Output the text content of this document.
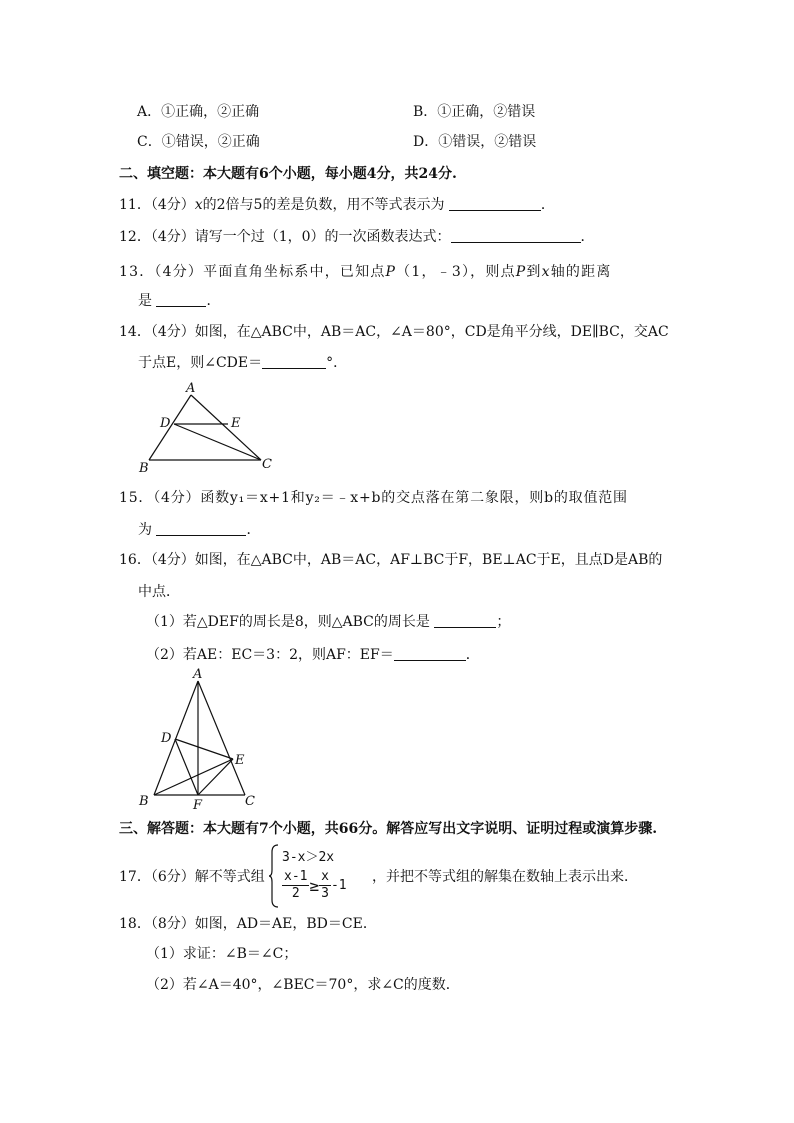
A．①正确，②正确	B．①正确，②错误
C．①错误，②正确	D．①错误，②错误
二、填空题：本大题有6个小题，每小题4分，共24分.
11．（4分）x的2倍与5的差是负数，用不等式表示为	．
12．（4分）请写一个过（1，0）的一次函数表达式：	．
13．（4分）平面直角坐标系中，已知点P（1，﹣3），则点P到x轴的距离
是	．
14．（4分）如图，在△ABC中，AB＝AC，∠A＝80°，CD是角平分线，DE∥BC，交AC
于点E，则∠CDE＝	°．
A
D	E
B	C
15．（4分）函数y₁＝x+1和y₂＝﹣x+b的交点落在第二象限，则b的取值范围
为	．
16．（4分）如图，在△ABC中，AB＝AC，AF⊥BC于F，BE⊥AC于E，且点D是AB的
中点．
（1）若△DEF的周长是8，则△ABC的周长是	；
（2）若AE：EC＝3：2，则AF：EF＝	．
A
D
E
B	F	C
三、解答题：本大题有7个小题，共66分。解答应写出文字说明、证明过程或演算步骤.
17．（6分）解不等式组
3-x＞2x
$\frac{x-1}{2} \ge \frac{x}{3} -1$
，并把不等式组的解集在数轴上表示出来．
18．（8分）如图，AD＝AE，BD＝CE．
（1）求证：∠B＝∠C；
（2）若∠A＝40°，∠BEC＝70°，求∠C的度数．
